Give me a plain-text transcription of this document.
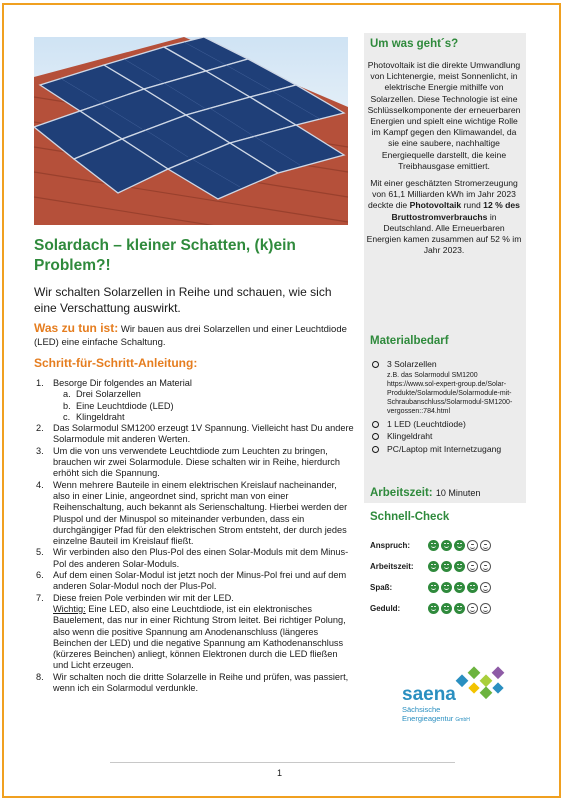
Solardach – kleiner Schatten, (k)ein Problem?!
Wir schalten Solarzellen in Reihe und schauen, wie sich eine Verschattung auswirkt.
Was zu tun ist: Wir bauen aus drei Solarzellen und einer Leuchtdiode (LED) eine einfache Schaltung.
Schritt-für-Schritt-Anleitung:
1.	Besorge Dir folgendes an Material
a. Drei Solarzellen
b. Eine Leuchtdiode (LED)
c. Klingeldraht
2.	Das Solarmodul SM1200 erzeugt 1V Spannung. Vielleicht hast Du andere Solarmodule mit anderen Werten.
3.	Um die von uns verwendete Leuchtdiode zum Leuchten zu bringen, brauchen wir zwei Solarmodule. Diese schalten wir in Reihe, hierdurch erhöht sich die Spannung.
4.	Wenn mehrere Bauteile in einem elektrischen Kreislauf nacheinander, also in einer Linie, angeordnet sind, spricht man von einer Reihenschaltung, auch bekannt als Serienschaltung. Hierbei werden der Pluspol und der Minuspol so miteinander verbunden, dass ein durchgängiger Pfad für den elektrischen Strom entsteht, der durch jedes einzelne Bauteil im Kreislauf fließt.
5.	Wir verbinden also den Plus-Pol des einen Solar-Moduls mit dem Minus-Pol des anderen Solar-Moduls.
6.	Auf dem einen Solar-Modul ist jetzt noch der Minus-Pol frei und auf dem anderen Solar-Modul noch der Plus-Pol.
7.	Diese freien Pole verbinden wir mit der LED.
Wichtig: Eine LED, also eine Leuchtdiode, ist ein elektronisches Bauelement, das nur in einer Richtung Strom leitet. Bei richtiger Polung, also wenn die positive Spannung am Anodenanschluss (längeres Beinchen der LED) und die negative Spannung am Kathodenanschluss (kürzeres Beinchen) anliegt, können Elektronen durch die LED fließen und Licht erzeugen.
8.	Wir schalten noch die dritte Solarzelle in Reihe und prüfen, was passiert, wenn ich ein Solarmodul verdunkle.
1
Um was geht´s?

Photovoltaik ist die direkte Umwandlung von Lichtenergie, meist Sonnenlicht, in elektrische Energie mithilfe von Solarzellen. Diese Technologie ist eine Schlüsselkomponente der erneuerbaren Energien und spielt eine wichtige Rolle im Kampf gegen den Klimawandel, da sie eine saubere, nachhaltige Energiequelle darstellt, die keine Treibhausgase emittiert.

Mit einer geschätzten Stromerzeugung von 61,1 Milliarden kWh im Jahr 2023 deckte die Photovoltaik rund 12 % des Bruttostromverbrauchs in Deutschland. Alle Erneuerbaren Energien kamen zusammen auf 52 % im Jahr 2023.

Materialbedarf
3 Solarzellen
z.B. das Solarmodul SM1200 https://www.sol-expert-group.de/Solar-Produkte/Solarmodule/Solarmodule-mit-Schraubanschluss/Solarmodul-SM1200-vergossen::784.html
1 LED (Leuchtdiode)
Klingeldraht
PC/Laptop mit Internetzugang
Arbeitszeit: 10 Minuten
Schnell-Check
Anspruch:
Arbeitszeit:
Spaß:
Geduld:
saena
Sächsische
Energieagentur GmbH
